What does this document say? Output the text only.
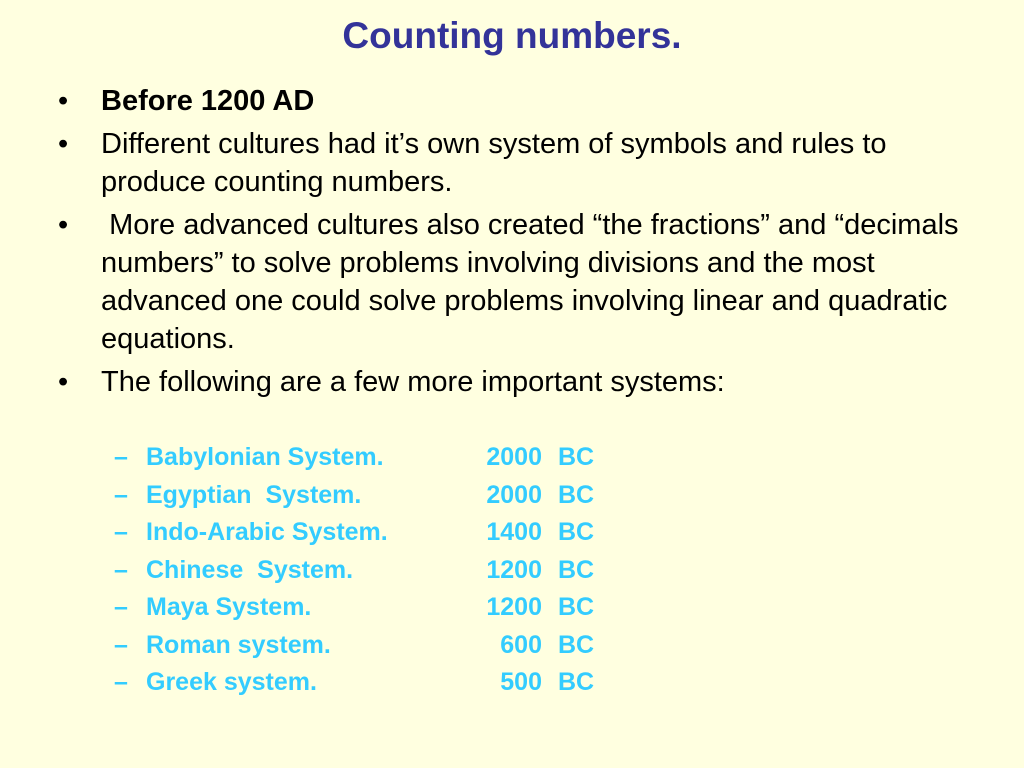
Counting numbers.
• Before 1200 AD
• Different cultures had it’s own system of symbols and rules to produce counting numbers.
• More advanced cultures also created “the fractions” and “decimals numbers” to solve problems involving divisions and the most advanced one could solve problems involving linear and quadratic equations.
• The following are a few more important systems:
– Babylonian System.	2000 BC
– Egyptian  System.	2000 BC
– Indo-Arabic System.	1400 BC
– Chinese  System.	1200 BC
– Maya System.	1200 BC
– Roman system.	600 BC
– Greek system.	500 BC
